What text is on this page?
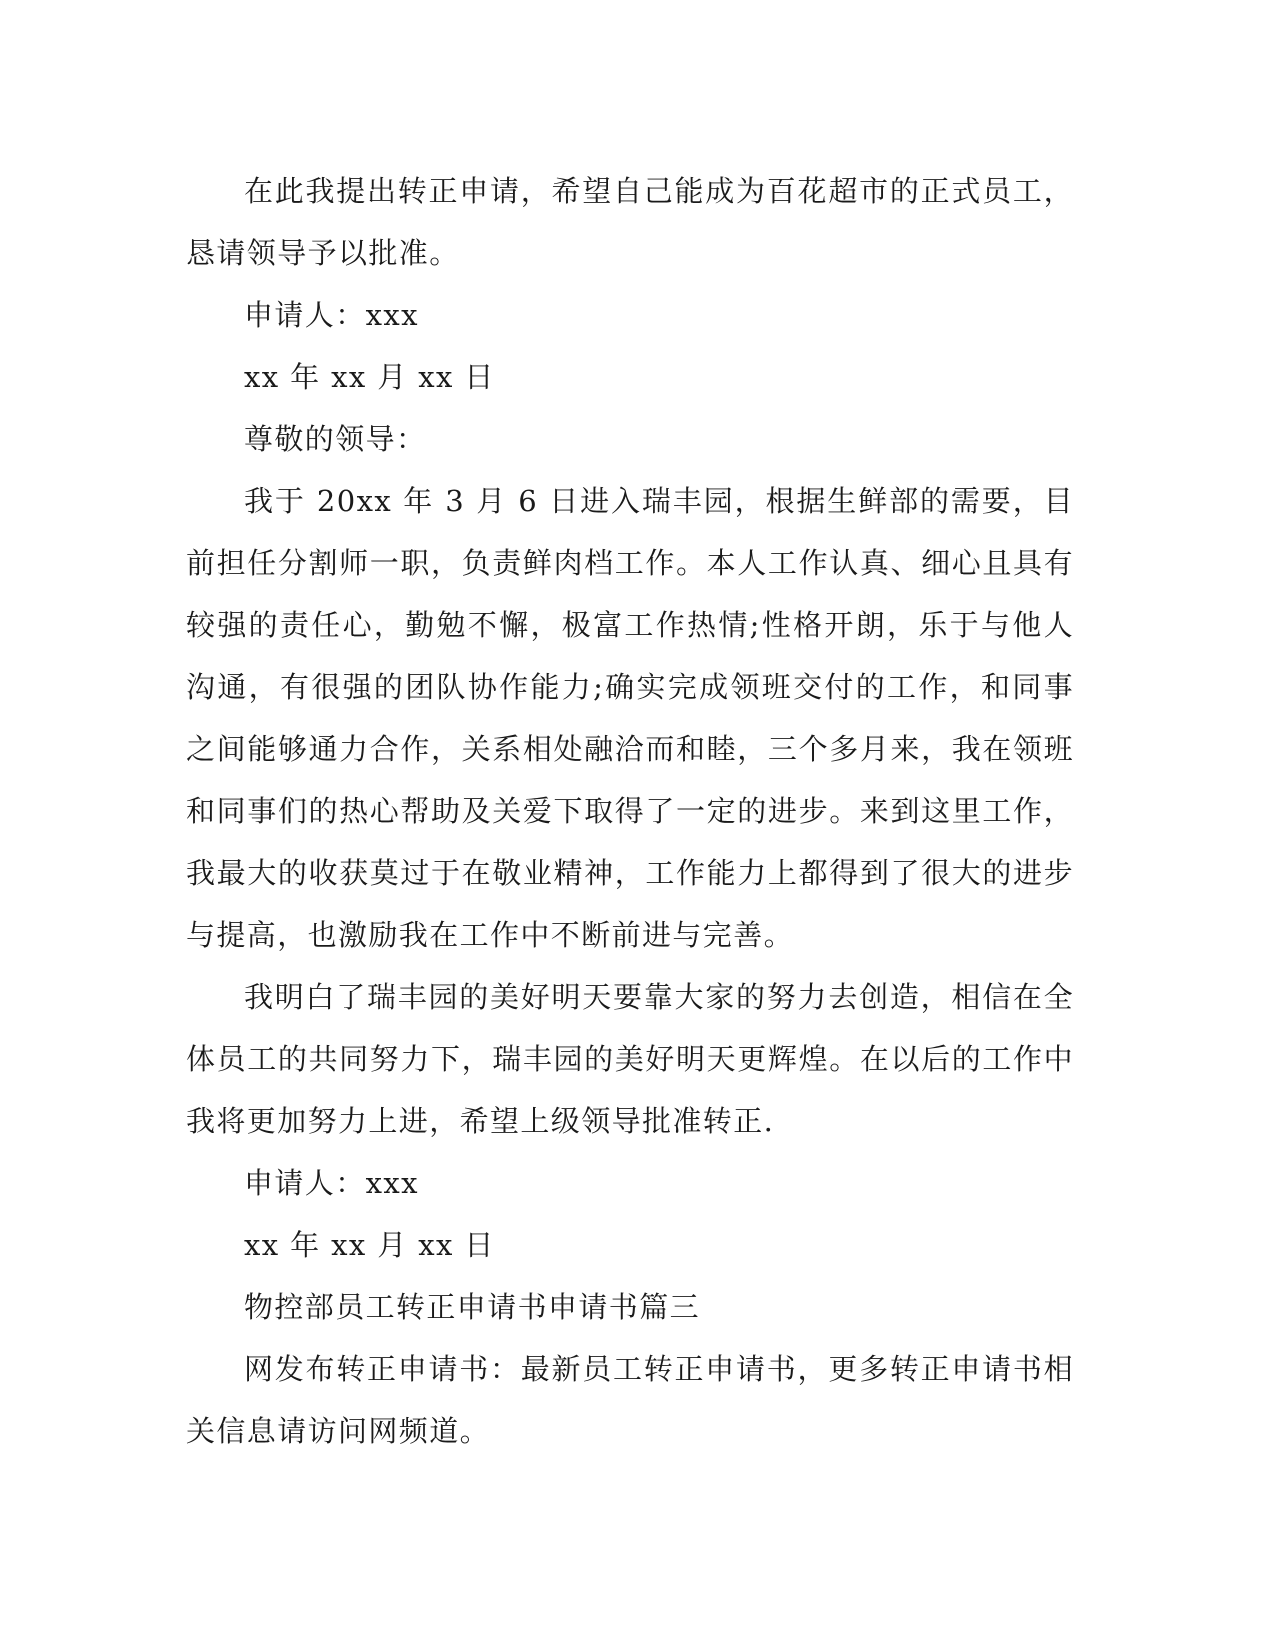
在此我提出转正申请，希望自己能成为百花超市的正式员工，恳请领导予以批准。

申请人：xxx

xx 年 xx 月 xx 日

尊敬的领导：

我于 20xx 年 3 月 6 日进入瑞丰园，根据生鲜部的需要，目前担任分割师一职，负责鲜肉档工作。本人工作认真、细心且具有较强的责任心，勤勉不懈，极富工作热情;性格开朗，乐于与他人沟通，有很强的团队协作能力;确实完成领班交付的工作，和同事之间能够通力合作，关系相处融洽而和睦，三个多月来，我在领班和同事们的热心帮助及关爱下取得了一定的进步。来到这里工作，我最大的收获莫过于在敬业精神，工作能力上都得到了很大的进步与提高，也激励我在工作中不断前进与完善。

我明白了瑞丰园的美好明天要靠大家的努力去创造，相信在全体员工的共同努力下，瑞丰园的美好明天更辉煌。在以后的工作中我将更加努力上进，希望上级领导批准转正.

申请人：xxx

xx 年 xx 月 xx 日

物控部员工转正申请书申请书篇三

网发布转正申请书：最新员工转正申请书，更多转正申请书相关信息请访问网频道。
